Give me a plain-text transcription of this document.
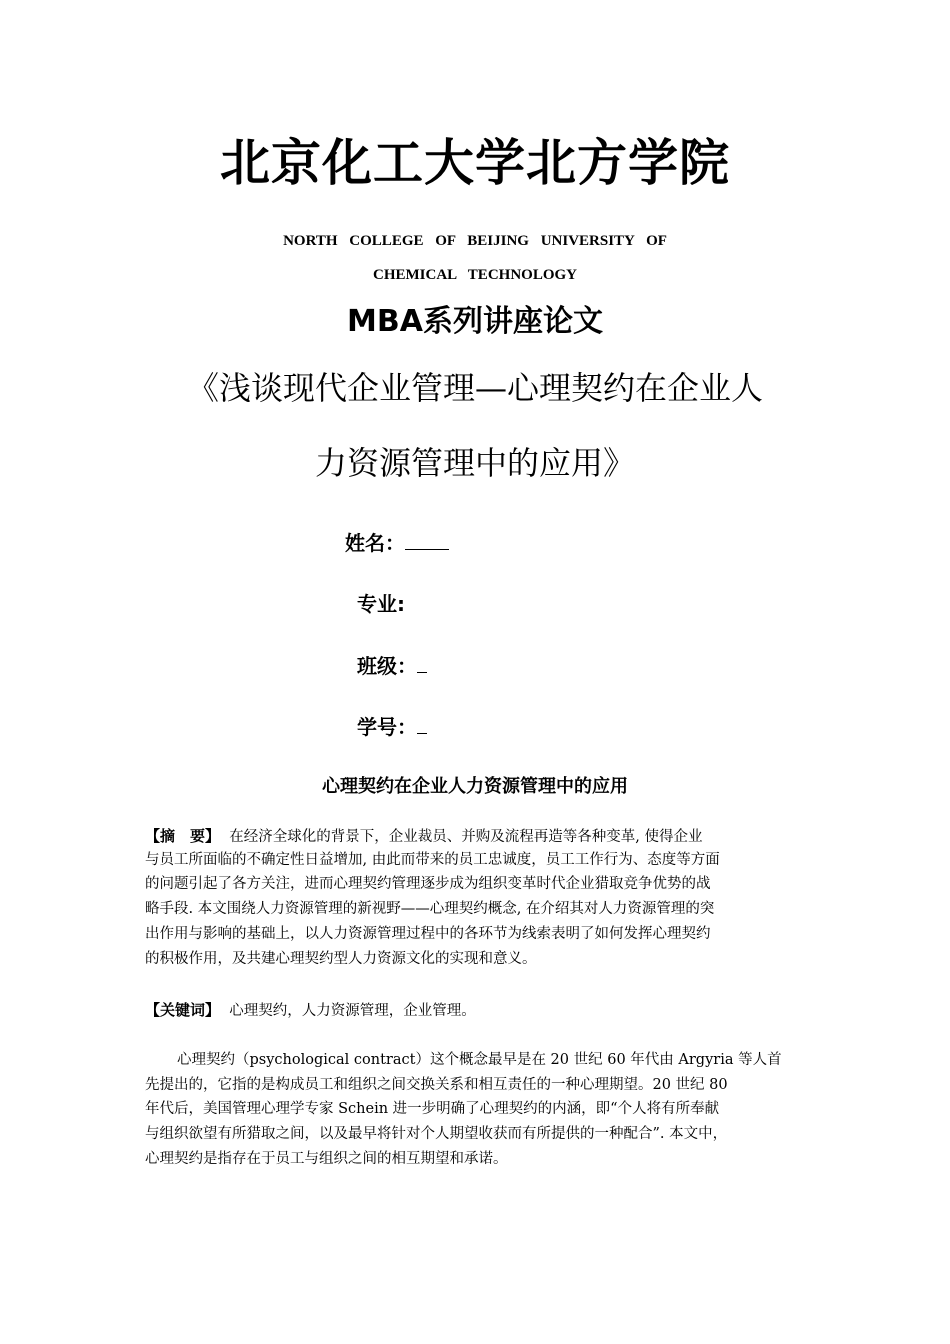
北京化工大学北方学院
NORTH COLLEGE OF BEIJING UNIVERSITY OF
CHEMICAL TECHNOLOGY
MBA系列讲座论文
《浅谈现代企业管理—心理契约在企业人
力资源管理中的应用》
姓名：
专业:
班级：
学号：
心理契约在企业人力资源管理中的应用
【摘　要】 在经济全球化的背景下，企业裁员、并购及流程再造等各种变革, 使得企业
与员工所面临的不确定性日益增加, 由此而带来的员工忠诚度，员工工作行为、态度等方面
的问题引起了各方关注，进而心理契约管理逐步成为组织变革时代企业猎取竞争优势的战
略手段. 本文围绕人力资源管理的新视野——心理契约概念, 在介绍其对人力资源管理的突
出作用与影响的基础上，以人力资源管理过程中的各环节为线索表明了如何发挥心理契约
的积极作用，及共建心理契约型人力资源文化的实现和意义。
【关键词】 心理契约，人力资源管理，企业管理。
心理契约（psychological contract）这个概念最早是在 20 世纪 60 年代由 Argyria 等人首
先提出的，它指的是构成员工和组织之间交换关系和相互责任的一种心理期望。20 世纪 80
年代后，美国管理心理学专家 Schein 进一步明确了心理契约的内涵，即“个人将有所奉献
与组织欲望有所猎取之间，以及最早将针对个人期望收获而有所提供的一种配合”. 本文中，
心理契约是指存在于员工与组织之间的相互期望和承诺。
